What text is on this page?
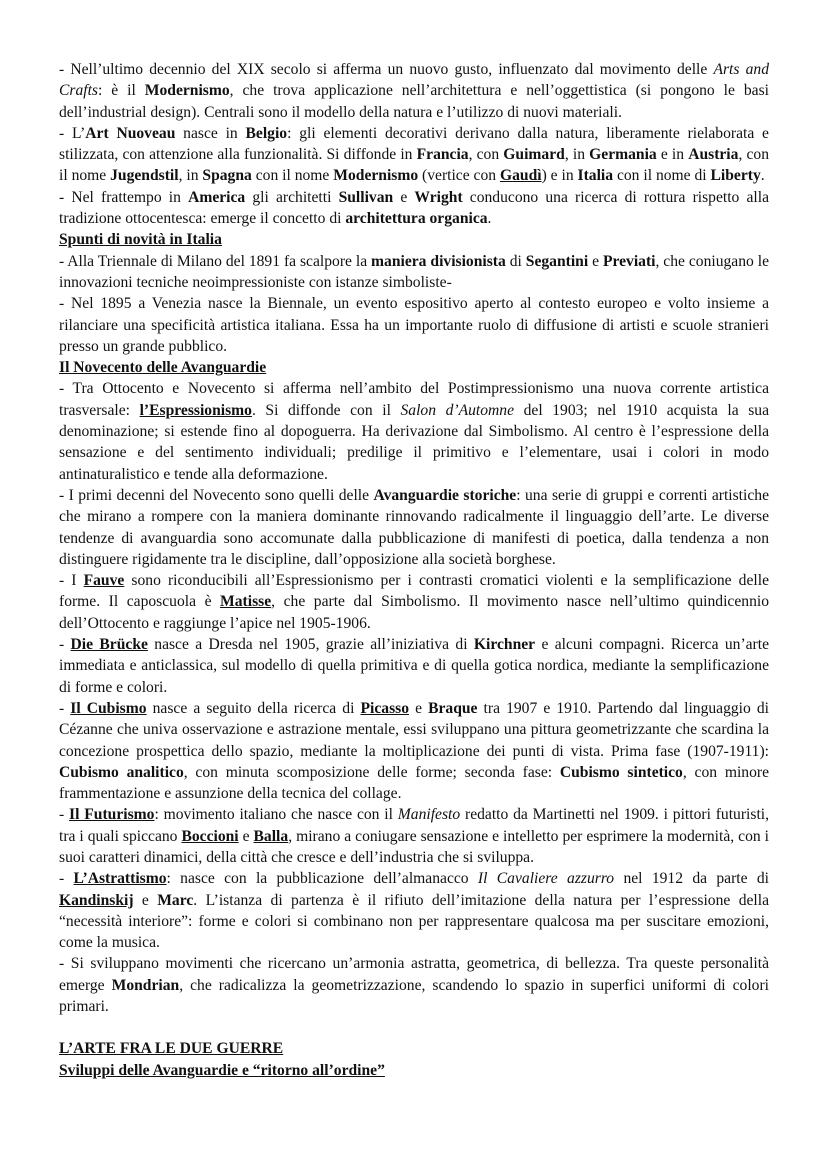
- Nell’ultimo decennio del XIX secolo si afferma un nuovo gusto, influenzato dal movimento delle Arts and Crafts: è il Modernismo, che trova applicazione nell’architettura e nell’oggettistica (si pongono le basi dell’industrial design). Centrali sono il modello della natura e l’utilizzo di nuovi materiali.

- L’Art Nuoveau nasce in Belgio: gli elementi decorativi derivano dalla natura, liberamente rielaborata e stilizzata, con attenzione alla funzionalità. Si diffonde in Francia, con Guimard, in Germania e in Austria, con il nome Jugendstil, in Spagna con il nome Modernismo (vertice con Gaudì) e in Italia con il nome di Liberty.

- Nel frattempo in America gli architetti Sullivan e Wright conducono una ricerca di rottura rispetto alla tradizione ottocentesca: emerge il concetto di architettura organica.

Spunti di novità in Italia

- Alla Triennale di Milano del 1891 fa scalpore la maniera divisionista di Segantini e Previati, che coniugano le innovazioni tecniche neoimpressioniste con istanze simboliste-

- Nel 1895 a Venezia nasce la Biennale, un evento espositivo aperto al contesto europeo e volto insieme a rilanciare una specificità artistica italiana. Essa ha un importante ruolo di diffusione di artisti e scuole stranieri presso un grande pubblico.

Il Novecento delle Avanguardie

- Tra Ottocento e Novecento si afferma nell’ambito del Postimpressionismo una nuova corrente artistica trasversale: l’Espressionismo. Si diffonde con il Salon d’Automne del 1903; nel 1910 acquista la sua denominazione; si estende fino al dopoguerra. Ha derivazione dal Simbolismo. Al centro è l’espressione della sensazione e del sentimento individuali; predilige il primitivo e l’elementare, usai i colori in modo antinaturalistico e tende alla deformazione.

- I primi decenni del Novecento sono quelli delle Avanguardie storiche: una serie di gruppi e correnti artistiche che mirano a rompere con la maniera dominante rinnovando radicalmente il linguaggio dell’arte. Le diverse tendenze di avanguardia sono accomunate dalla pubblicazione di manifesti di poetica, dalla tendenza a non distinguere rigidamente tra le discipline, dall’opposizione alla società borghese.

- I Fauve sono riconducibili all’Espressionismo per i contrasti cromatici violenti e la semplificazione delle forme. Il caposcuola è Matisse, che parte dal Simbolismo. Il movimento nasce nell’ultimo quindicennio dell’Ottocento e raggiunge l’apice nel 1905-1906.

- Die Brücke nasce a Dresda nel 1905, grazie all’iniziativa di Kirchner e alcuni compagni. Ricerca un’arte immediata e anticlassica, sul modello di quella primitiva e di quella gotica nordica, mediante la semplificazione di forme e colori.

- Il Cubismo nasce a seguito della ricerca di Picasso e Braque tra 1907 e 1910. Partendo dal linguaggio di Cézanne che univa osservazione e astrazione mentale, essi sviluppano una pittura geometrizzante che scardina la concezione prospettica dello spazio, mediante la moltiplicazione dei punti di vista. Prima fase (1907-1911): Cubismo analitico, con minuta scomposizione delle forme; seconda fase: Cubismo sintetico, con minore frammentazione e assunzione della tecnica del collage.

- Il Futurismo: movimento italiano che nasce con il Manifesto redatto da Martinetti nel 1909. i pittori futuristi, tra i quali spiccano Boccioni e Balla, mirano a coniugare sensazione e intelletto per esprimere la modernità, con i suoi caratteri dinamici, della città che cresce e dell’industria che si sviluppa.

- L’Astrattismo: nasce con la pubblicazione dell’almanacco Il Cavaliere azzurro nel 1912 da parte di Kandinskij e Marc. L’istanza di partenza è il rifiuto dell’imitazione della natura per l’espressione della “necessità interiore”: forme e colori si combinano non per rappresentare qualcosa ma per suscitare emozioni, come la musica.

- Si sviluppano movimenti che ricercano un’armonia astratta, geometrica, di bellezza. Tra queste personalità emerge Mondrian, che radicalizza la geometrizzazione, scandendo lo spazio in superfici uniformi di colori primari.

L’ARTE FRA LE DUE GUERRE

Sviluppi delle Avanguardie e “ritorno all’ordine”
